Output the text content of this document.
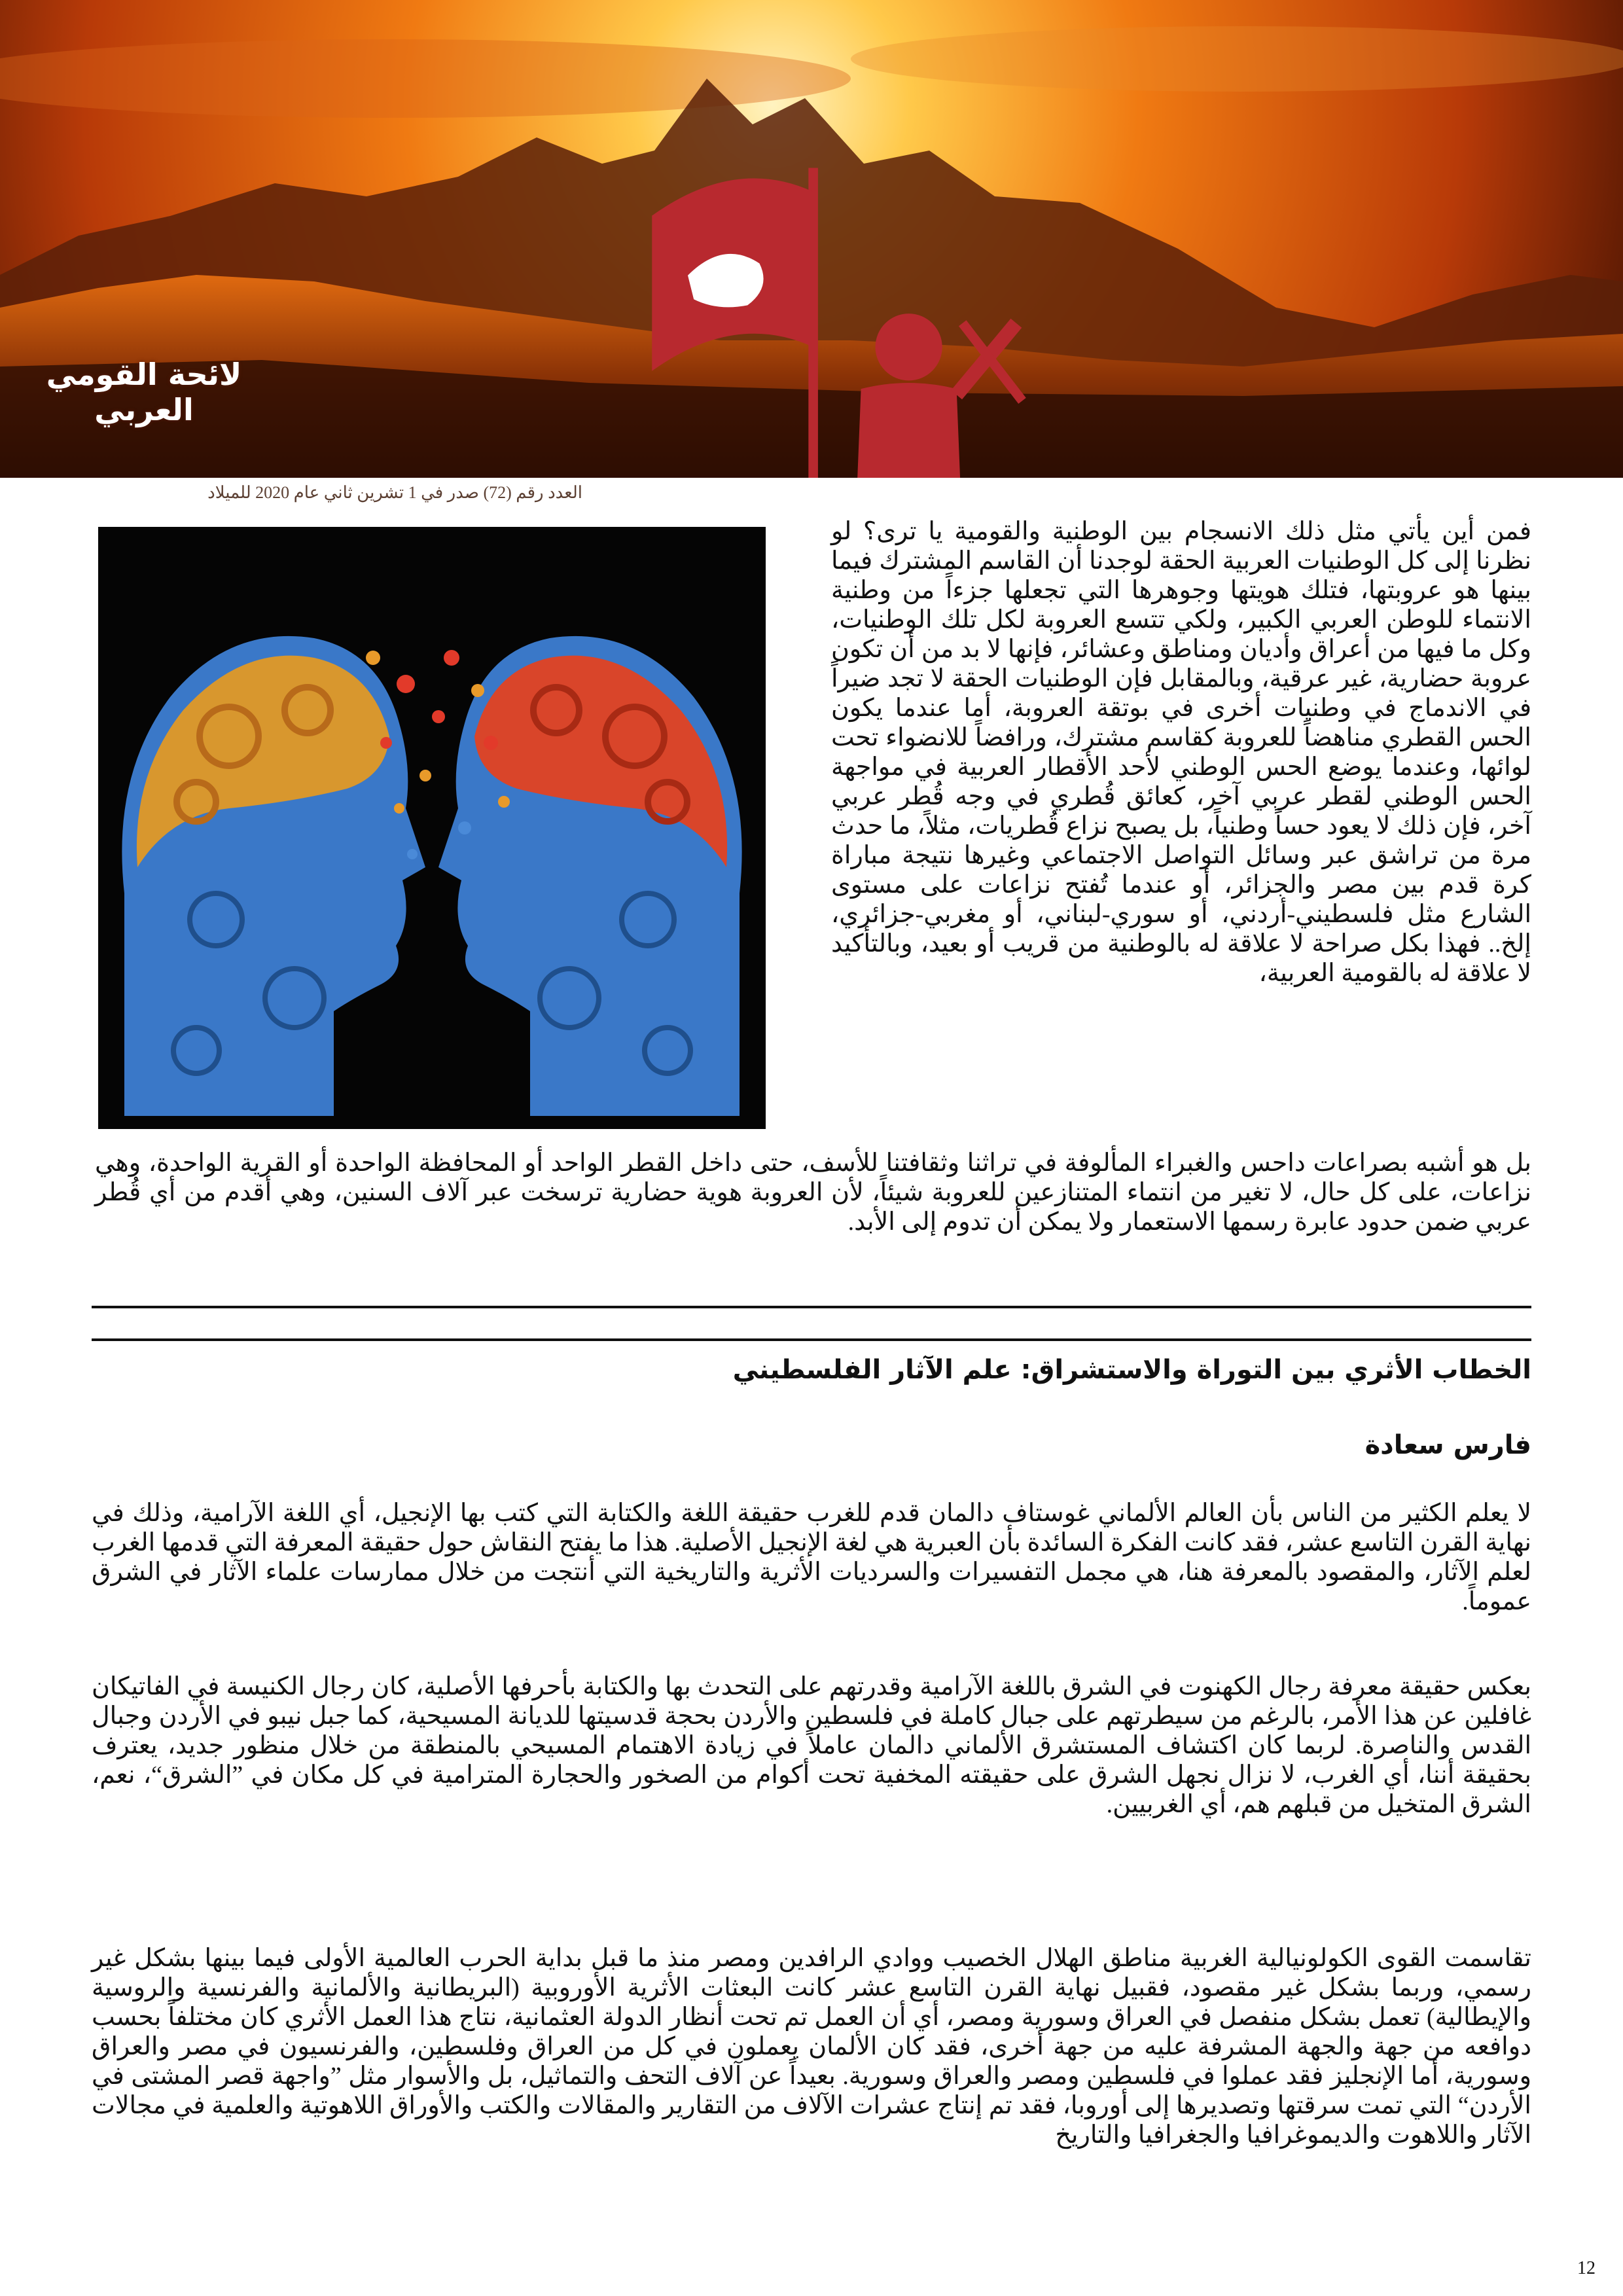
لائحة القومي العربي
العدد رقم (72) صدر في 1 تشرين ثاني عام 2020 للميلاد

فمن أين يأتي مثل ذلك الانسجام بين الوطنية والقومية يا ترى؟ لو نظرنا إلى كل الوطنيات العربية الحقة لوجدنا أن القاسم المشترك فيما بينها هو عروبتها، فتلك هويتها وجوهرها التي تجعلها جزءاً من وطنية الانتماء للوطن العربي الكبير، ولكي تتسع العروبة لكل تلك الوطنيات، وكل ما فيها من أعراق وأديان ومناطق وعشائر، فإنها لا بد من أن تكون عروبة حضارية، غير عرقية، وبالمقابل فإن الوطنيات الحقة لا تجد ضيراً في الاندماج في وطنيات أخرى في بوتقة العروبة، أما عندما يكون الحس القطري مناهضاً للعروبة كقاسم مشترك، ورافضاً للانضواء تحت لوائها، وعندما يوضع الحس الوطني لأحد الأقطار العربية في مواجهة الحس الوطني لقطر عربي آخر، كعائق قُطري في وجه قُطر عربي آخر، فإن ذلك لا يعود حساً وطنياً، بل يصبح نزاع قُطريات، مثلاً، ما حدث مرة من تراشق عبر وسائل التواصل الاجتماعي وغيرها نتيجة مباراة كرة قدم بين مصر والجزائر، أو عندما تُفتح نزاعات على مستوى الشارع مثل فلسطيني-أردني، أو سوري-لبناني، أو مغربي-جزائري، إلخ.. فهذا بكل صراحة لا علاقة له بالوطنية من قريب أو بعيد، وبالتأكيد لا علاقة له بالقومية العربية،

بل هو أشبه بصراعات داحس والغبراء المألوفة في تراثنا وثقافتنا للأسف، حتى داخل القطر الواحد أو المحافظة الواحدة أو القرية الواحدة، وهي نزاعات، على كل حال، لا تغير من انتماء المتنازعين للعروبة شيئاً، لأن العروبة هوية حضارية ترسخت عبر آلاف السنين، وهي أقدم من أي قُطر عربي ضمن حدود عابرة رسمها الاستعمار ولا يمكن أن تدوم إلى الأبد.
الخطاب الأثري بين التوراة والاستشراق: علم الآثار الفلسطيني
فارس سعادة
لا يعلم الكثير من الناس بأن العالم الألماني غوستاف دالمان قدم للغرب حقيقة اللغة والكتابة التي كتب بها الإنجيل، أي اللغة الآرامية، وذلك في نهاية القرن التاسع عشر، فقد كانت الفكرة السائدة بأن العبرية هي لغة الإنجيل الأصلية. هذا ما يفتح النقاش حول حقيقة المعرفة التي قدمها الغرب لعلم الآثار، والمقصود بالمعرفة هنا، هي مجمل التفسيرات والسرديات الأثرية والتاريخية التي أنتجت من خلال ممارسات علماء الآثار في الشرق عموماً.
بعكس حقيقة معرفة رجال الكهنوت في الشرق باللغة الآرامية وقدرتهم على التحدث بها والكتابة بأحرفها الأصلية، كان رجال الكنيسة في الفاتيكان غافلين عن هذا الأمر، بالرغم من سيطرتهم على جبال كاملة في فلسطين والأردن بحجة قدسيتها للديانة المسيحية، كما جبل نيبو في الأردن وجبال القدس والناصرة. لربما كان اكتشاف المستشرق الألماني دالمان عاملاً في زيادة الاهتمام المسيحي بالمنطقة من خلال منظور جديد، يعترف بحقيقة أننا، أي الغرب، لا نزال نجهل الشرق على حقيقته المخفية تحت أكوام من الصخور والحجارة المترامية في كل مكان في ”الشرق“، نعم، الشرق المتخيل من قبلهم هم، أي الغربيين.
تقاسمت القوى الكولونيالية الغربية مناطق الهلال الخصيب ووادي الرافدين ومصر منذ ما قبل بداية الحرب العالمية الأولى فيما بينها بشكل غير رسمي، وربما بشكل غير مقصود، فقبيل نهاية القرن التاسع عشر كانت البعثات الأثرية الأوروبية (البريطانية والألمانية والفرنسية والروسية والإيطالية) تعمل بشكل منفصل في العراق وسورية ومصر، أي أن العمل تم تحت أنظار الدولة العثمانية، نتاج هذا العمل الأثري كان مختلفاً بحسب دوافعه من جهة والجهة المشرفة عليه من جهة أخرى، فقد كان الألمان يعملون في كل من العراق وفلسطين، والفرنسيون في مصر والعراق وسورية، أما الإنجليز فقد عملوا في فلسطين ومصر والعراق وسورية. بعيداً عن آلاف التحف والتماثيل، بل والأسوار مثل ”واجهة قصر المشتى في الأردن“ التي تمت سرقتها وتصديرها إلى أوروبا، فقد تم إنتاج عشرات الآلاف من التقارير والمقالات والكتب والأوراق اللاهوتية والعلمية في مجالات الآثار واللاهوت والديموغرافيا والجغرافيا والتاريخ
12
